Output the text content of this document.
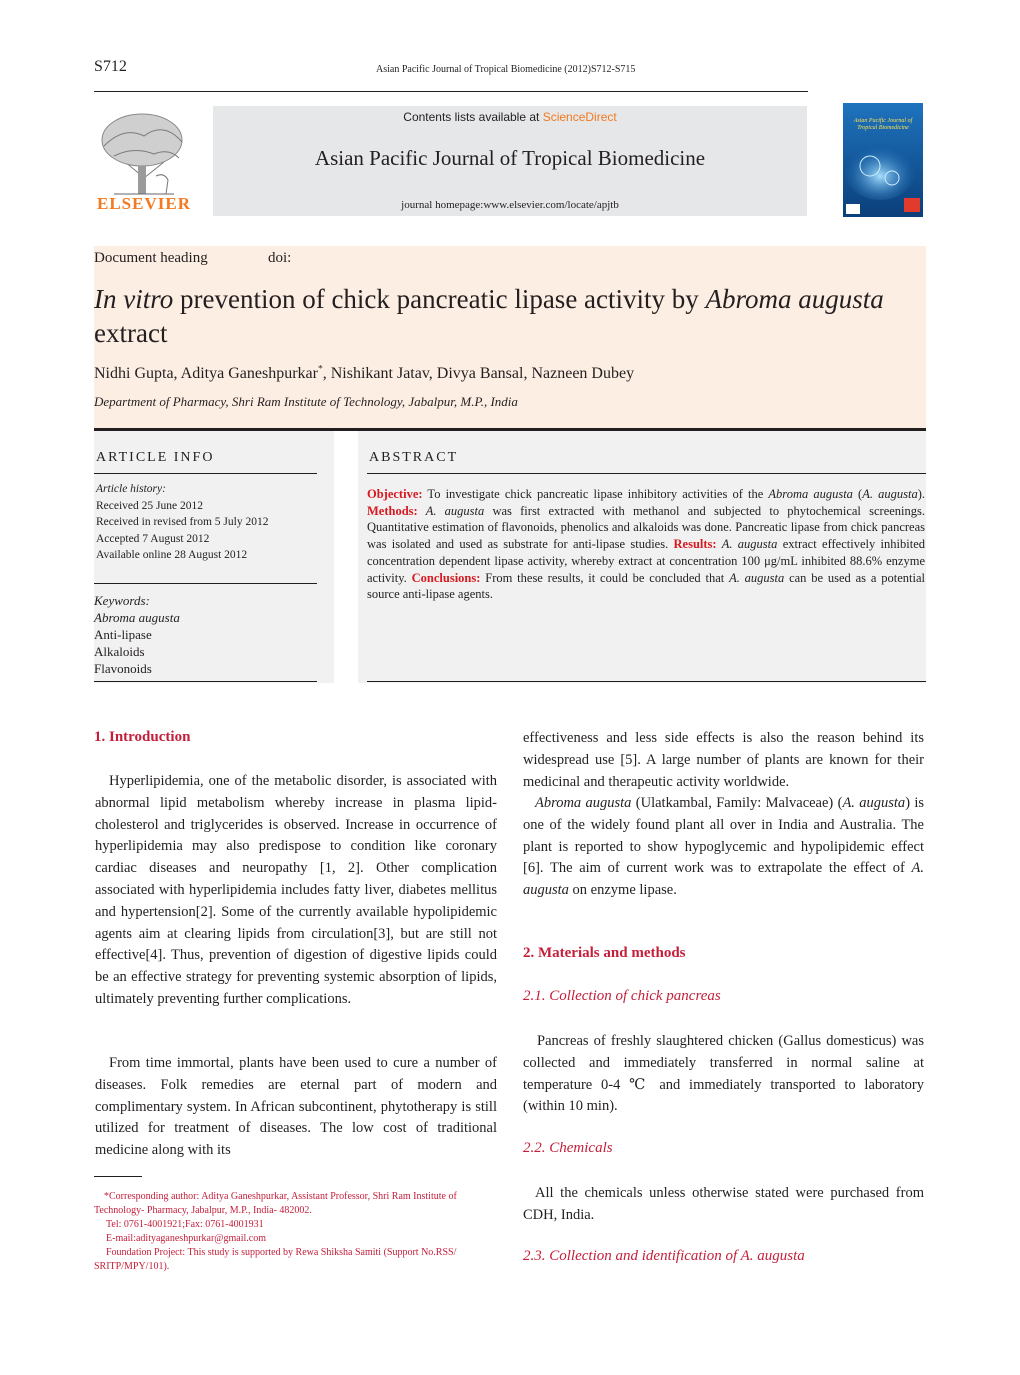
S712	Asian Pacific Journal of Tropical Biomedicine (2012)S712-S715
ELSEVIER
Contents lists available at ScienceDirect
Asian Pacific Journal of Tropical Biomedicine
journal homepage:www.elsevier.com/locate/apjtb
Asian Pacific Journal of Tropical Biomedicine
Document heading	doi:
In vitro prevention of chick pancreatic lipase activity by Abroma augusta
extract
Nidhi Gupta, Aditya Ganeshpurkar*, Nishikant Jatav, Divya Bansal, Nazneen Dubey
Department of Pharmacy, Shri Ram Institute of Technology, Jabalpur, M.P., India
ARTICLE INFO
Article history:
Received 25 June 2012
Received in revised from 5 July 2012
Accepted 7 August 2012
Available online 28 August 2012
Keywords:
Abroma augusta
Anti-lipase
Alkaloids
Flavonoids
ABSTRACT
Objective: To investigate chick pancreatic lipase inhibitory activities of the Abroma augusta (A. augusta). Methods: A. augusta was first extracted with methanol and subjected to phytochemical screenings. Quantitative estimation of flavonoids, phenolics and alkaloids was done. Pancreatic lipase from chick pancreas was isolated and used as substrate for anti-lipase studies. Results: A. augusta extract effectively inhibited concentration dependent lipase activity, whereby extract at concentration 100 μg/mL inhibited 88.6% enzyme activity. Conclusions: From these results, it could be concluded that A. augusta can be used as a potential source anti-lipase agents.
1. Introduction
Hyperlipidemia, one of the metabolic disorder, is associated with abnormal lipid metabolism whereby increase in plasma lipid-cholesterol and triglycerides is observed. Increase in occurrence of hyperlipidemia may also predispose to condition like coronary cardiac diseases and neuropathy [1, 2]. Other complication associated with hyperlipidemia includes fatty liver, diabetes mellitus and hypertension[2]. Some of the currently available hypolipidemic agents aim at clearing lipids from circulation[3], but are still not effective[4]. Thus, prevention of digestion of digestive lipids could be an effective strategy for preventing systemic absorption of lipids, ultimately preventing further complications.
From time immortal, plants have been used to cure a number of diseases. Folk remedies are eternal part of modern and complimentary system. In African subcontinent, phytotherapy is still utilized for treatment of diseases. The low cost of traditional medicine along with its
*Corresponding author: Aditya Ganeshpurkar, Assistant Professor, Shri Ram Institute of Technology- Pharmacy, Jabalpur, M.P., India- 482002.
Tel: 0761-4001921;Fax: 0761-4001931
E-mail:adityaganeshpurkar@gmail.com
Foundation Project: This study is supported by Rewa Shiksha Samiti (Support No.RSS/ SRITP/MPY/101).
effectiveness and less side effects is also the reason behind its widespread use [5]. A large number of plants are known for their medicinal and therapeutic activity worldwide.
Abroma augusta (Ulatkambal, Family: Malvaceae) (A. augusta) is one of the widely found plant all over in India and Australia. The plant is reported to show hypoglycemic and hypolipidemic effect [6]. The aim of current work was to extrapolate the effect of A. augusta on enzyme lipase.
2. Materials and methods
2.1. Collection of chick pancreas
Pancreas of freshly slaughtered chicken (Gallus domesticus) was collected and immediately transferred in normal saline at temperature 0-4 ℃ and immediately transported to laboratory (within 10 min).
2.2. Chemicals
All the chemicals unless otherwise stated were purchased from CDH, India.
2.3. Collection and identification of A. augusta
